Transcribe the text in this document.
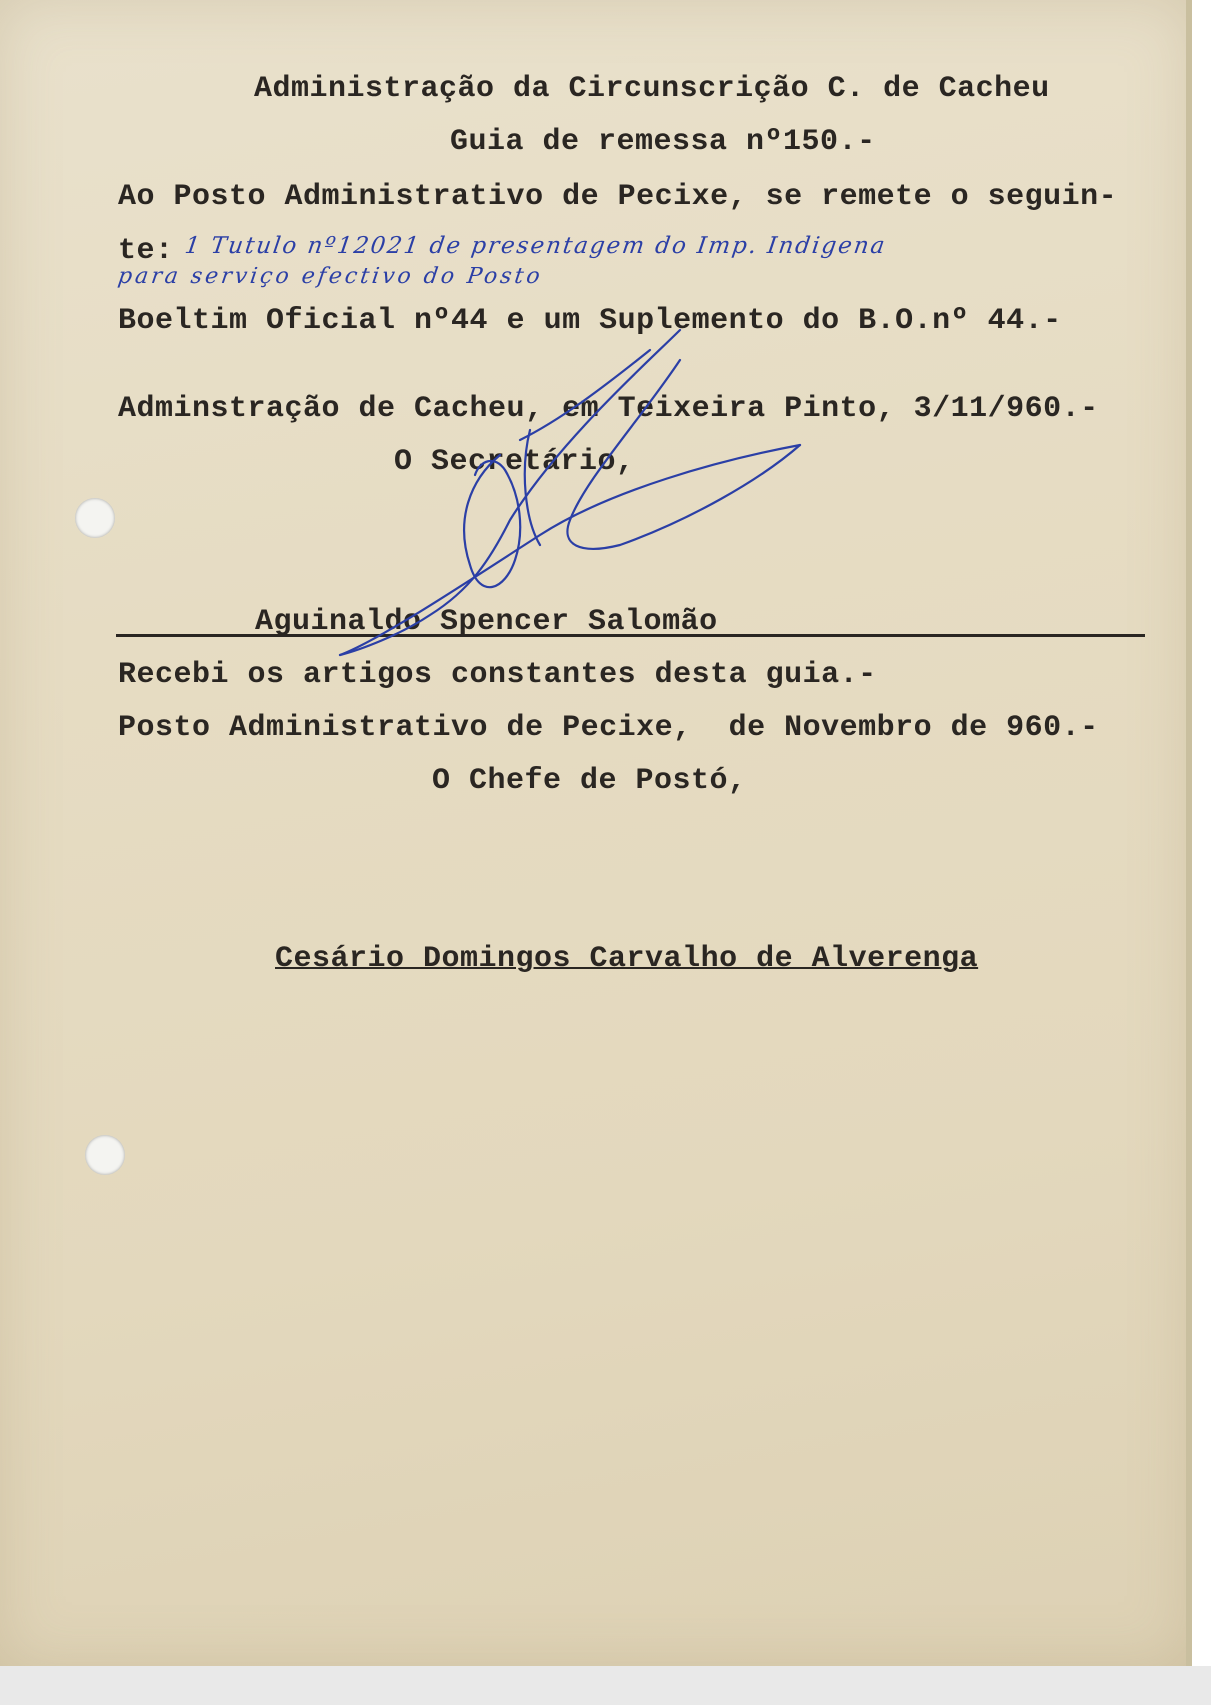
Administração da Circunscrição C. de Cacheu
Guia de remessa nº150.-
Ao Posto Administrativo de Pecixe, se remete o seguin-
te: 1 Tutulo nº12021 de presentagem do Imp. Indigena
para serviço efectivo do Posto
Boeltim Oficial nº44 e um Suplemento do B.O.nº 44.-
Adminstração de Cacheu, em Teixeira Pinto, 3/11/960.-
O Secretário,
Aguinaldo Spencer Salomão
Recebi os artigos constantes desta guia.-
Posto Administrativo de Pecixe,  de Novembro de 960.-
O Chefe de Postó,
Cesário Domingos Carvalho de Alverenga
